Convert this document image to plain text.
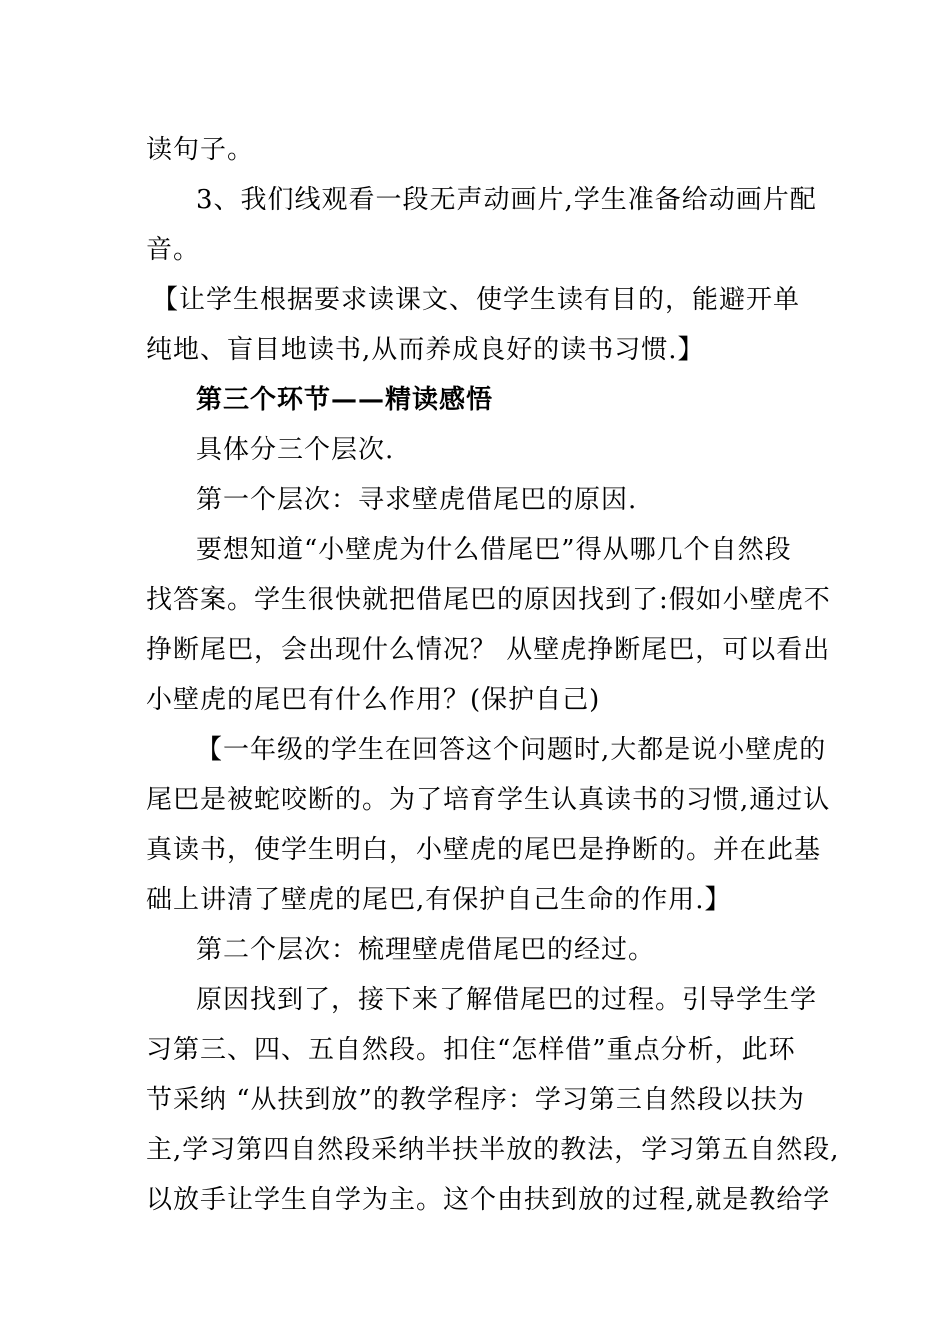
读句子。
3、我们线观看一段无声动画片,学生准备给动画片配
音。
【让学生根据要求读课文、使学生读有目的，能避开单
纯地、盲目地读书,从而养成良好的读书习惯.】
第三个环节——精读感悟
具体分三个层次.
第一个层次：寻求壁虎借尾巴的原因.
要想知道“小壁虎为什么借尾巴”得从哪几个自然段
找答案。学生很快就把借尾巴的原因找到了:假如小壁虎不
挣断尾巴，会出现什么情况？ 从壁虎挣断尾巴，可以看出
小壁虎的尾巴有什么作用？(保护自己)
【一年级的学生在回答这个问题时,大都是说小壁虎的
尾巴是被蛇咬断的。为了培育学生认真读书的习惯,通过认
真读书，使学生明白，小壁虎的尾巴是挣断的。并在此基
础上讲清了壁虎的尾巴,有保护自己生命的作用.】
第二个层次：梳理壁虎借尾巴的经过。
原因找到了，接下来了解借尾巴的过程。引导学生学
习第三、四、五自然段。扣住“怎样借”重点分析，此环
节采纳 “从扶到放”的教学程序：学习第三自然段以扶为
主,学习第四自然段采纳半扶半放的教法，学习第五自然段,
以放手让学生自学为主。这个由扶到放的过程,就是教给学
